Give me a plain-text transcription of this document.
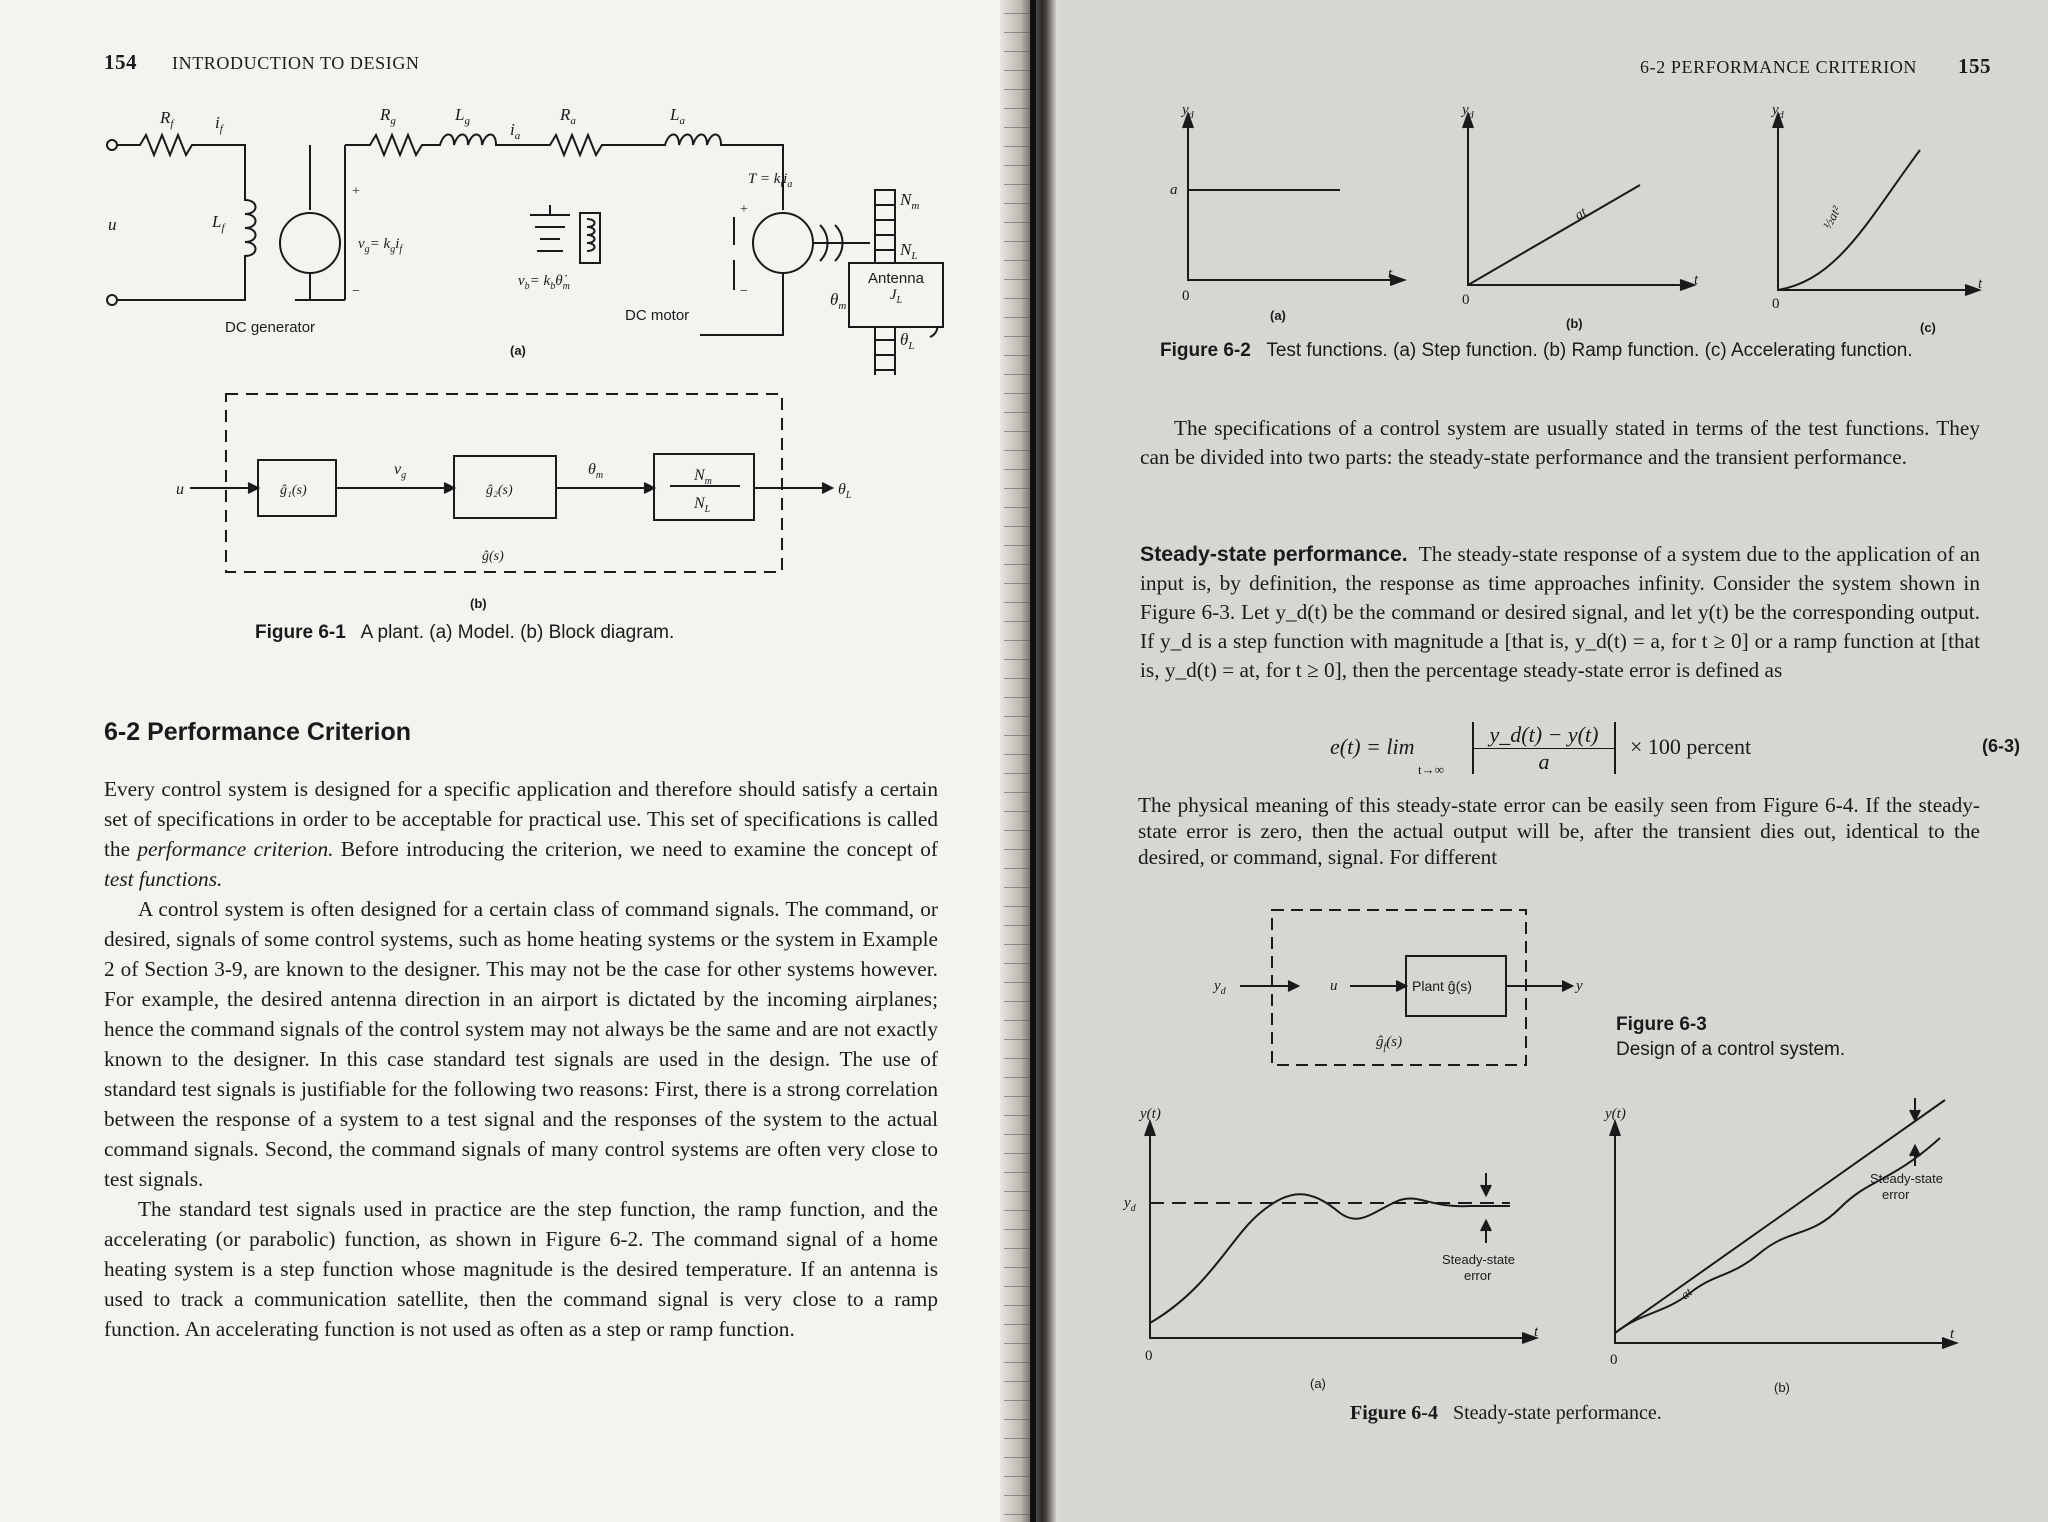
154 INTRODUCTION TO DESIGN
$R_f$ $i_f$
$R_g$	$L_g$ $i_a$
$R_a$	$L_a$
u	$L_f$
+
−
$v_g= k_gi_f$
$T = k_ti_a$
$v_b=$ $k_b\thetȧ_m$
+
−
$N_m$
$N_L$
$\theta_m$
$\theta_L$
DC generator
DC motor
(a)
Antenna
$J_L$
u	ĝ₁(s)
$v_g$
ĝ₂(s)
$\theta_m$	$N_m$
$N_L$
$\theta_L$
ĝ(s)
(b)
Figure 6-1 A plant. (a) Model. (b) Block diagram.
6-2 Performance Criterion

Every control system is designed for a specific application and therefore should satisfy a certain set of specifications in order to be acceptable for practical use. This set of specifications is called the performance criterion. Before introducing the criterion, we need to examine the concept of test functions.

A control system is often designed for a certain class of command signals. The command, or desired, signals of some control systems, such as home heating systems or the system in Example 2 of Section 3-9, are known to the designer. This may not be the case for other systems however. For example, the desired antenna direction in an airport is dictated by the incoming airplanes; hence the command signals of the control system may not always be the same and are not exactly known to the designer. In this case standard test signals are used in the design. The use of standard test signals is justifiable for the following two reasons: First, there is a strong correlation between the response of a system to a test signal and the responses of the system to the actual command signals. Second, the command signals of many control systems are often very close to test signals.

The standard test signals used in practice are the step function, the ramp function, and the accelerating (or parabolic) function, as shown in Figure 6-2. The command signal of a home heating system is a step function whose magnitude is the desired temperature. If an antenna is used to track a communication satellite, then the command signal is very close to a ramp function. An accelerating function is not used as often as a step or ramp function.

6-2 PERFORMANCE CRITERION 155
$y_d$
a
0
t
$y_d$
at
0
t
$y_d$
½at²
0
t
(a)
(b)	(c)
Figure 6-2 Test functions. (a) Step function. (b) Ramp function. (c) Accelerating function.

The specifications of a control system are usually stated in terms of the test functions. They can be divided into two parts: the steady-state performance and the transient performance.

Steady-state performance. The steady-state response of a system due to the application of an input is, by definition, the response as time approaches infinity. Consider the system shown in Figure 6-3. Let y_d(t) be the command or desired signal, and let y(t) be the corresponding output. If y_d is a step function with magnitude a [that is, y_d(t) = a, for t ≥ 0] or a ramp function at [that is, y_d(t) = at, for t ≥ 0], then the percentage steady-state error is defined as

e(t) = lim
$t\to\infty \frac{y\_d(t) - y(t)}{a} \times 100$ percent	(6-3)

The physical meaning of this steady-state error can be easily seen from Figure 6-4. If the steady-state error is zero, then the actual output will be, after the transient dies out, identical to the desired, or command, signal. For different

$y_d$	u	Plant ĝ(s)	y
$ĝ_f(s)$
Figure 6-3
Design of a control system.
y(t)
$y_d$
0
t
Steady-state
error
y(t)
0
t
at
Steady-state
error
(a)	(b)
Figure 6-4 Steady-state performance.
